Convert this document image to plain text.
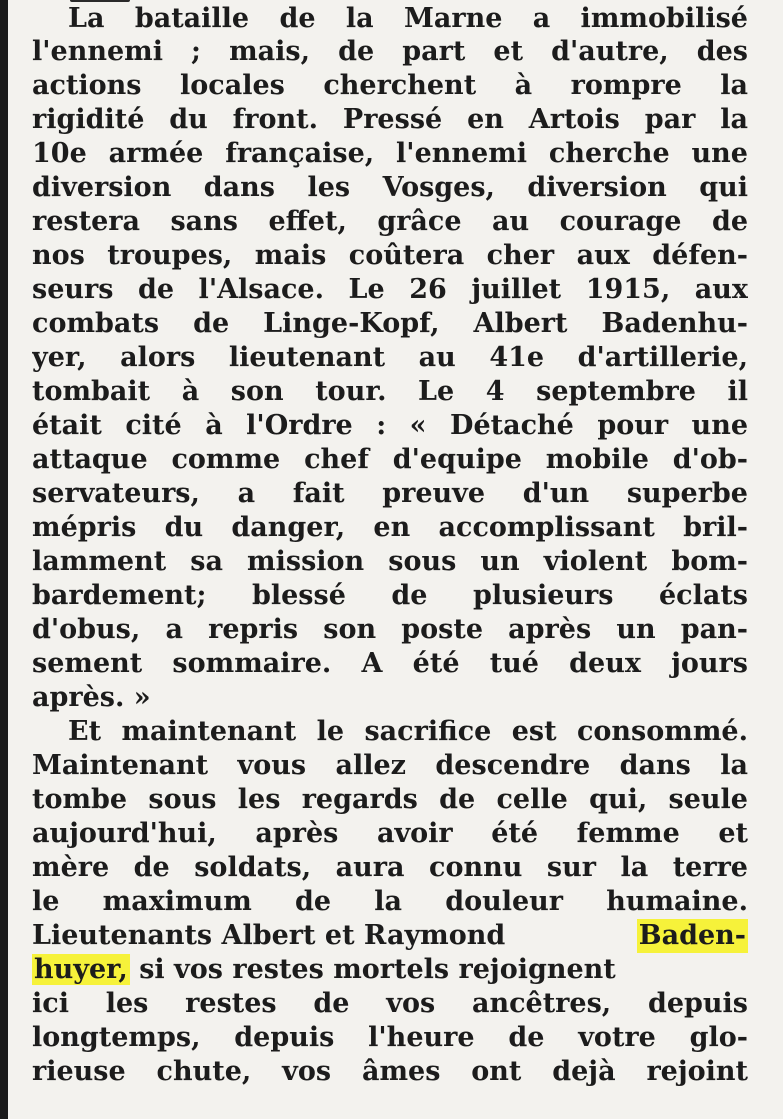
La bataille de la Marne a immobilisé
l'ennemi ; mais, de part et d'autre, des
actions locales cherchent à rompre la
rigidité du front. Pressé en Artois par la
10e armée française, l'ennemi cherche une
diversion dans les Vosges, diversion qui
restera sans effet, grâce au courage de
nos troupes, mais coûtera cher aux défen-
seurs de l'Alsace. Le 26 juillet 1915, aux
combats de Linge-Kopf, Albert Badenhu-
yer, alors lieutenant au 41e d'artillerie,
tombait à son tour. Le 4 septembre il
était cité à l'Ordre : « Détaché pour une
attaque comme chef d'equipe mobile d'ob-
servateurs, a fait preuve d'un superbe
mépris du danger, en accomplissant bril-
lamment sa mission sous un violent bom-
bardement; blessé de plusieurs éclats
d'obus, a repris son poste après un pan-
sement sommaire. A été tué deux jours
après. »
Et maintenant le sacrifice est consommé.
Maintenant vous allez descendre dans la
tombe sous les regards de celle qui, seule
aujourd'hui, après avoir été femme et
mère de soldats, aura connu sur la terre
le maximum de la douleur humaine.
Lieutenants Albert et Raymond	Baden-
huyer, si vos restes mortels rejoignent
ici les restes de vos ancêtres, depuis
longtemps, depuis l'heure de votre glo-
rieuse chute, vos âmes ont dejà rejoint
